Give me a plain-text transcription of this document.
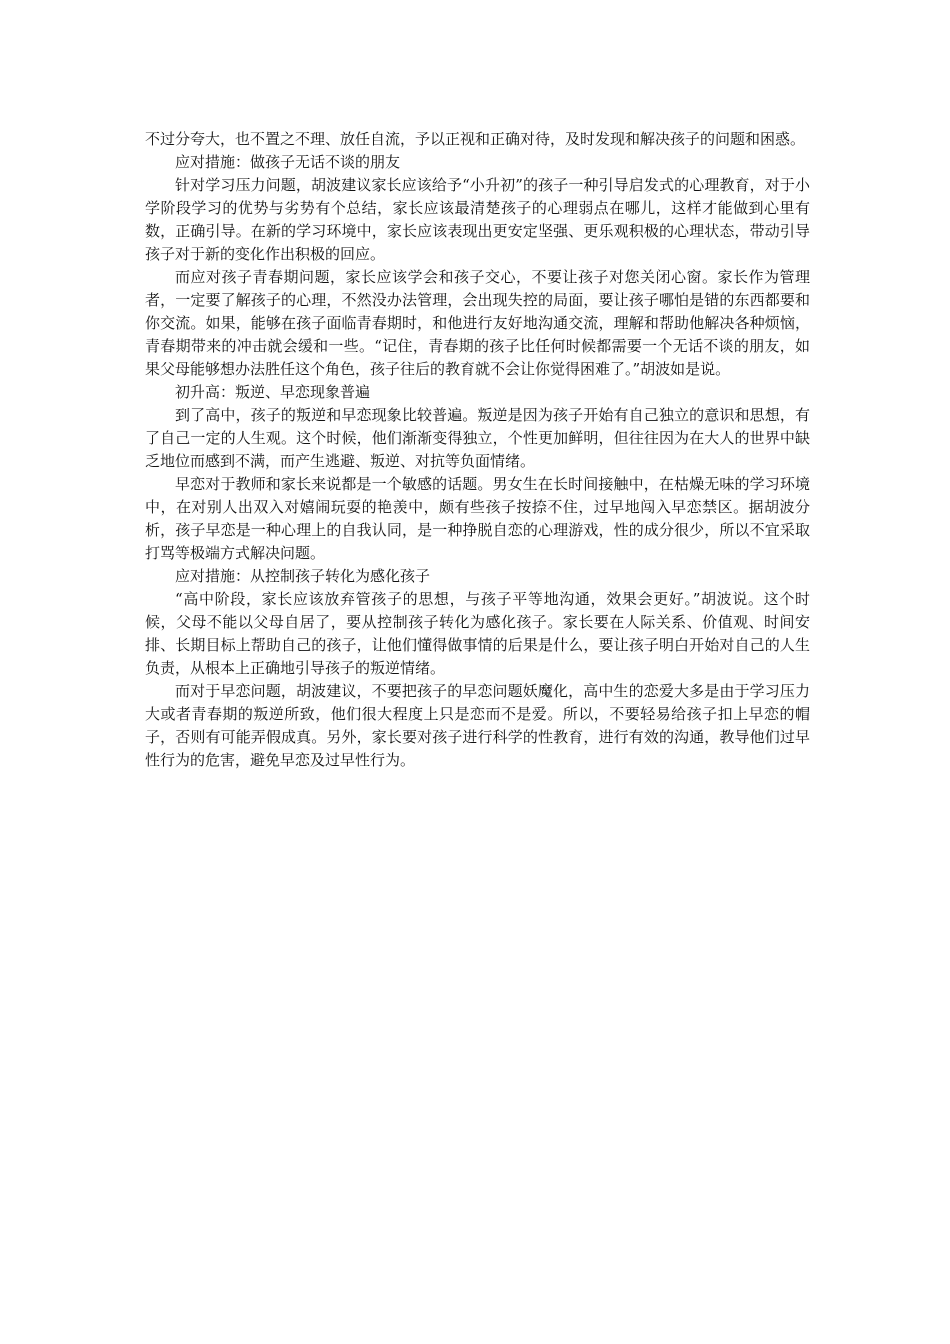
不过分夸大，也不置之不理、放任自流，予以正视和正确对待，及时发现和解决孩子的问题和困惑。

应对措施：做孩子无话不谈的朋友

针对学习压力问题，胡波建议家长应该给予“小升初”的孩子一种引导启发式的心理教育，对于小学阶段学习的优势与劣势有个总结，家长应该最清楚孩子的心理弱点在哪儿，这样才能做到心里有数，正确引导。在新的学习环境中，家长应该表现出更安定坚强、更乐观积极的心理状态，带动引导孩子对于新的变化作出积极的回应。

而应对孩子青春期问题，家长应该学会和孩子交心，不要让孩子对您关闭心窗。家长作为管理者，一定要了解孩子的心理，不然没办法管理，会出现失控的局面，要让孩子哪怕是错的东西都要和你交流。如果，能够在孩子面临青春期时，和他进行友好地沟通交流，理解和帮助他解决各种烦恼，青春期带来的冲击就会缓和一些。“记住，青春期的孩子比任何时候都需要一个无话不谈的朋友，如果父母能够想办法胜任这个角色，孩子往后的教育就不会让你觉得困难了。”胡波如是说。

初升高：叛逆、早恋现象普遍

到了高中，孩子的叛逆和早恋现象比较普遍。叛逆是因为孩子开始有自己独立的意识和思想，有了自己一定的人生观。这个时候，他们渐渐变得独立，个性更加鲜明，但往往因为在大人的世界中缺乏地位而感到不满，而产生逃避、叛逆、对抗等负面情绪。

早恋对于教师和家长来说都是一个敏感的话题。男女生在长时间接触中，在枯燥无味的学习环境中，在对别人出双入对嬉闹玩耍的艳羡中，颇有些孩子按捺不住，过早地闯入早恋禁区。据胡波分析，孩子早恋是一种心理上的自我认同，是一种挣脱自恋的心理游戏，性的成分很少，所以不宜采取打骂等极端方式解决问题。

应对措施：从控制孩子转化为感化孩子

“高中阶段，家长应该放弃管孩子的思想，与孩子平等地沟通，效果会更好。”胡波说。这个时候，父母不能以父母自居了，要从控制孩子转化为感化孩子。家长要在人际关系、价值观、时间安排、长期目标上帮助自己的孩子，让他们懂得做事情的后果是什么，要让孩子明白开始对自己的人生负责，从根本上正确地引导孩子的叛逆情绪。

而对于早恋问题，胡波建议，不要把孩子的早恋问题妖魔化，高中生的恋爱大多是由于学习压力大或者青春期的叛逆所致，他们很大程度上只是恋而不是爱。所以，不要轻易给孩子扣上早恋的帽子，否则有可能弄假成真。另外，家长要对孩子进行科学的性教育，进行有效的沟通，教导他们过早性行为的危害，避免早恋及过早性行为。
